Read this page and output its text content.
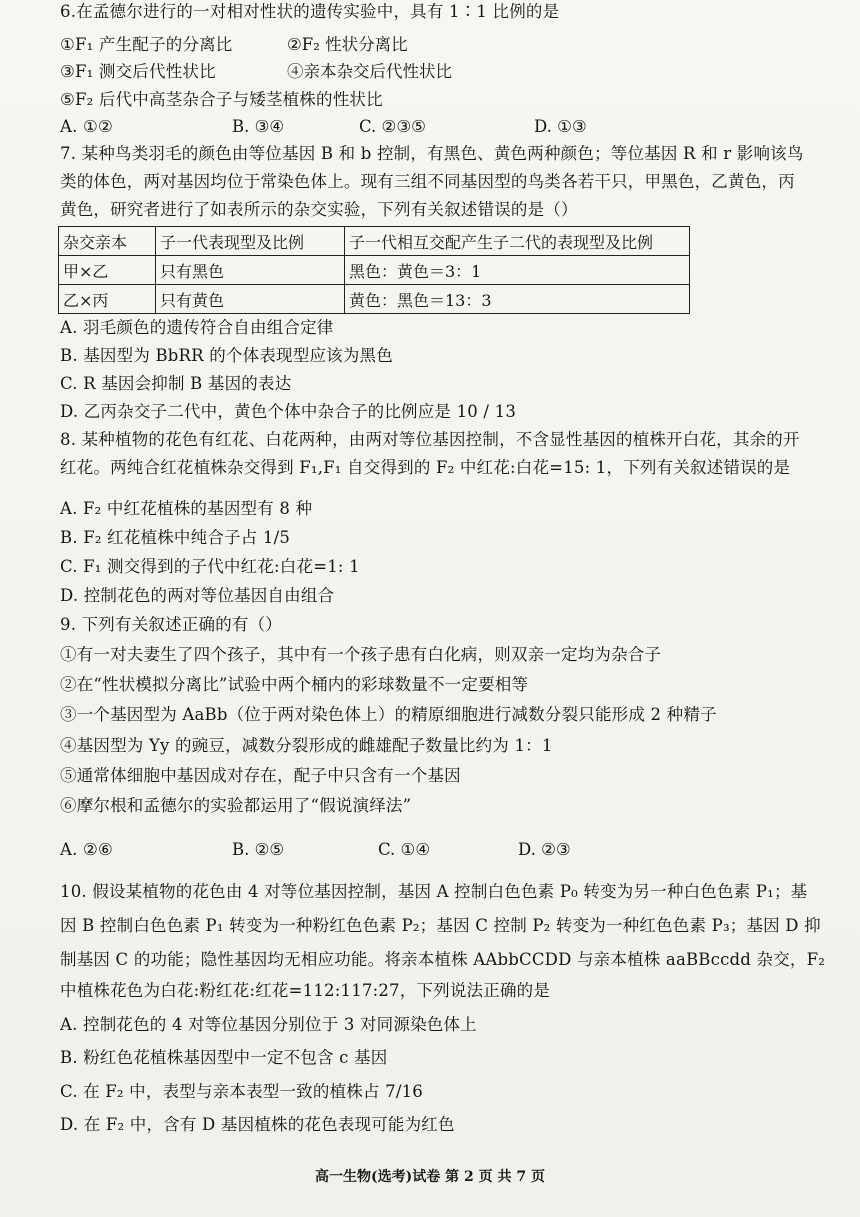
6.在孟德尔进行的一对相对性状的遗传实验中，具有 1∶1 比例的是
①F₁ 产生配子的分离比	②F₂ 性状分离比
③F₁ 测交后代性状比	④亲本杂交后代性状比
⑤F₂ 后代中高茎杂合子与矮茎植株的性状比
A. ①②	B. ③④	C. ②③⑤	D. ①③
7. 某种鸟类羽毛的颜色由等位基因 B 和 b 控制，有黑色、黄色两种颜色；等位基因 R 和 r 影响该鸟
类的体色，两对基因均位于常染色体上。现有三组不同基因型的鸟类各若干只，甲黑色，乙黄色，丙
黄色，研究者进行了如表所示的杂交实验，下列有关叙述错误的是（）
杂交亲本	子一代表现型及比例	子一代相互交配产生子二代的表现型及比例
甲×乙	只有黑色	黑色：黄色＝3：1
乙×丙	只有黄色	黄色：黑色＝13：3
A. 羽毛颜色的遗传符合自由组合定律
B. 基因型为 BbRR 的个体表现型应该为黑色
C. R 基因会抑制 B 基因的表达
D. 乙丙杂交子二代中，黄色个体中杂合子的比例应是 10 / 13
8. 某种植物的花色有红花、白花两种，由两对等位基因控制，不含显性基因的植株开白花，其余的开
红花。两纯合红花植株杂交得到 F₁,F₁ 自交得到的 F₂ 中红花:白花=15: 1，下列有关叙述错误的是
A. F₂ 中红花植株的基因型有 8 种
B. F₂ 红花植株中纯合子占 1/5
C. F₁ 测交得到的子代中红花:白花=1: 1
D. 控制花色的两对等位基因自由组合
9. 下列有关叙述正确的有（）
①有一对夫妻生了四个孩子，其中有一个孩子患有白化病，则双亲一定均为杂合子
②在“性状模拟分离比”试验中两个桶内的彩球数量不一定要相等
③一个基因型为 AaBb（位于两对染色体上）的精原细胞进行减数分裂只能形成 2 种精子
④基因型为 Yy 的豌豆，减数分裂形成的雌雄配子数量比约为 1：1
⑤通常体细胞中基因成对存在，配子中只含有一个基因
⑥摩尔根和孟德尔的实验都运用了“假说演绎法”
A. ②⑥	B. ②⑤	C. ①④	D. ②③
10. 假设某植物的花色由 4 对等位基因控制，基因 A 控制白色色素 P₀ 转变为另一种白色色素 P₁；基
因 B 控制白色色素 P₁ 转变为一种粉红色色素 P₂；基因 C 控制 P₂ 转变为一种红色色素 P₃；基因 D 抑
制基因 C 的功能；隐性基因均无相应功能。将亲本植株 AAbbCCDD 与亲本植株 aaBBccdd 杂交，F₂
中植株花色为白花:粉红花:红花=112:117:27，下列说法正确的是
A. 控制花色的 4 对等位基因分别位于 3 对同源染色体上
B. 粉红色花植株基因型中一定不包含 c 基因
C. 在 F₂ 中，表型与亲本表型一致的植株占 7/16
D. 在 F₂ 中，含有 D 基因植株的花色表现可能为红色
高一生物(选考)试卷 第 2 页 共 7 页
